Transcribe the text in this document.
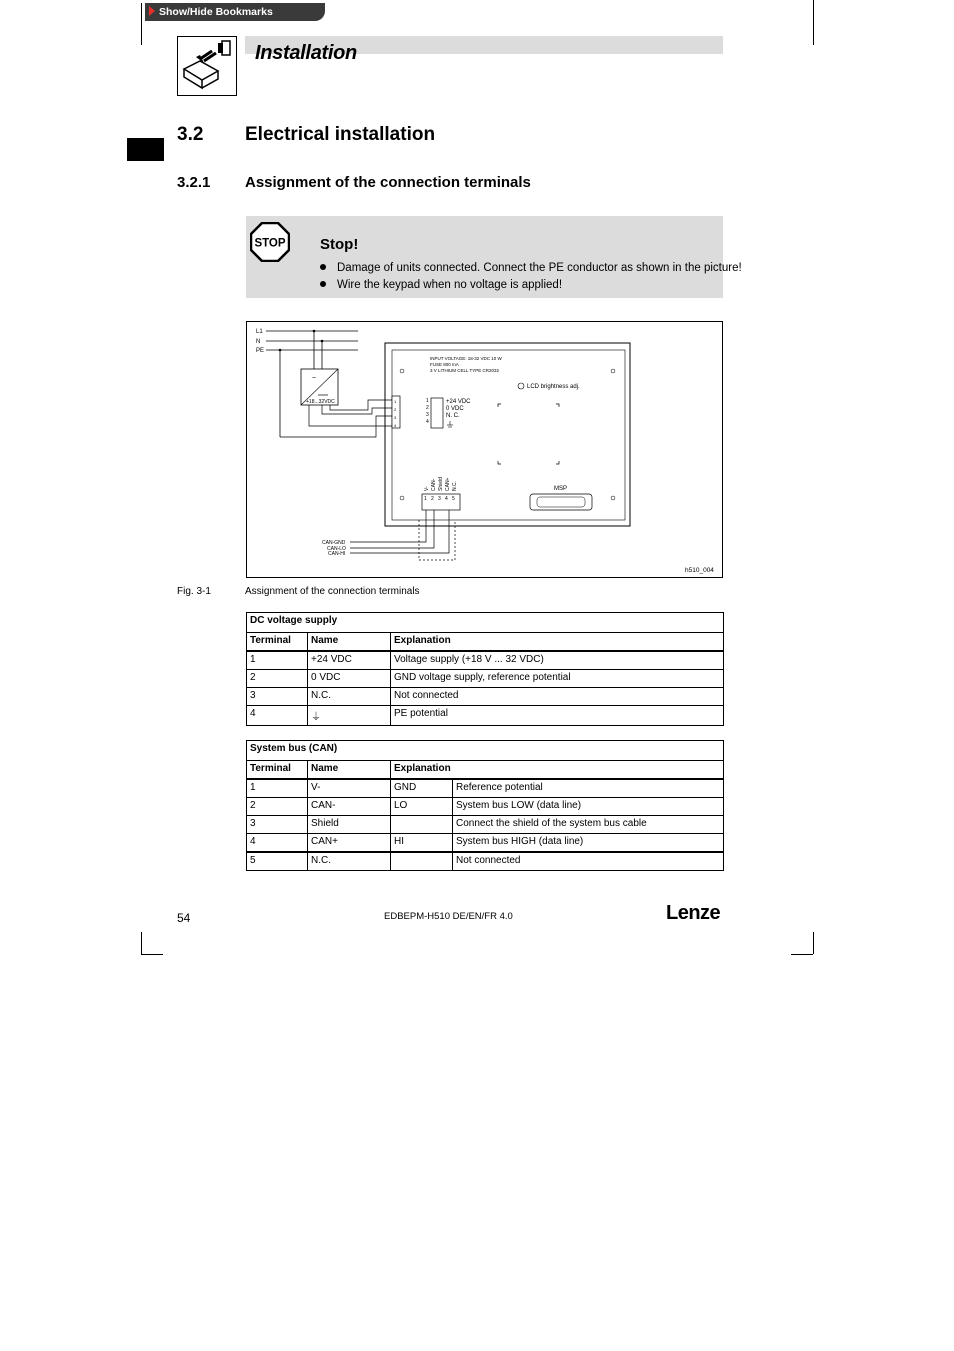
Show/Hide Bookmarks
Installation
3.2 Electrical installation
3.2.1 Assignment of the connection terminals
STOP Stop!
Damage of units connected. Connect the PE conductor as shown in the picture!
Wire the keypad when no voltage is applied!
L1
N
PE
~
+18...32VDC	1
2
3
4
INPUT VOLTAGE: 18-32 VDC 10 W
FUSE 800 mA
3 V LITHIUM CELL TYPE CR2032
LCD brightness adj.
1
2
3
4
+24 VDC
0 VDC
N. C.
V- CAN- Shield CAN+ N.C.
1 2 3 4 5
MSP
CAN-GND
CAN-LO
CAN-HI
h510_004
Fig. 3-1	Assignment of the connection terminals
DC voltage supply		
Terminal	Name	Explanation
1	+24 VDC	Voltage supply (+18 V ... 32 VDC)
2	0 VDC	GND voltage supply, reference potential
3	N.C.	Not connected
4	⏚	PE potential
System bus (CAN)			
Terminal	Name	Explanation	
1	V-	GND	Reference potential
2	CAN-	LO	System bus LOW (data line)
3	Shield		Connect the shield of the system bus cable
4	CAN+	HI	System bus HIGH (data line)
5	N.C.		Not connected
54	EDBEPM-H510 DE/EN/FR 4.0	Lenze
